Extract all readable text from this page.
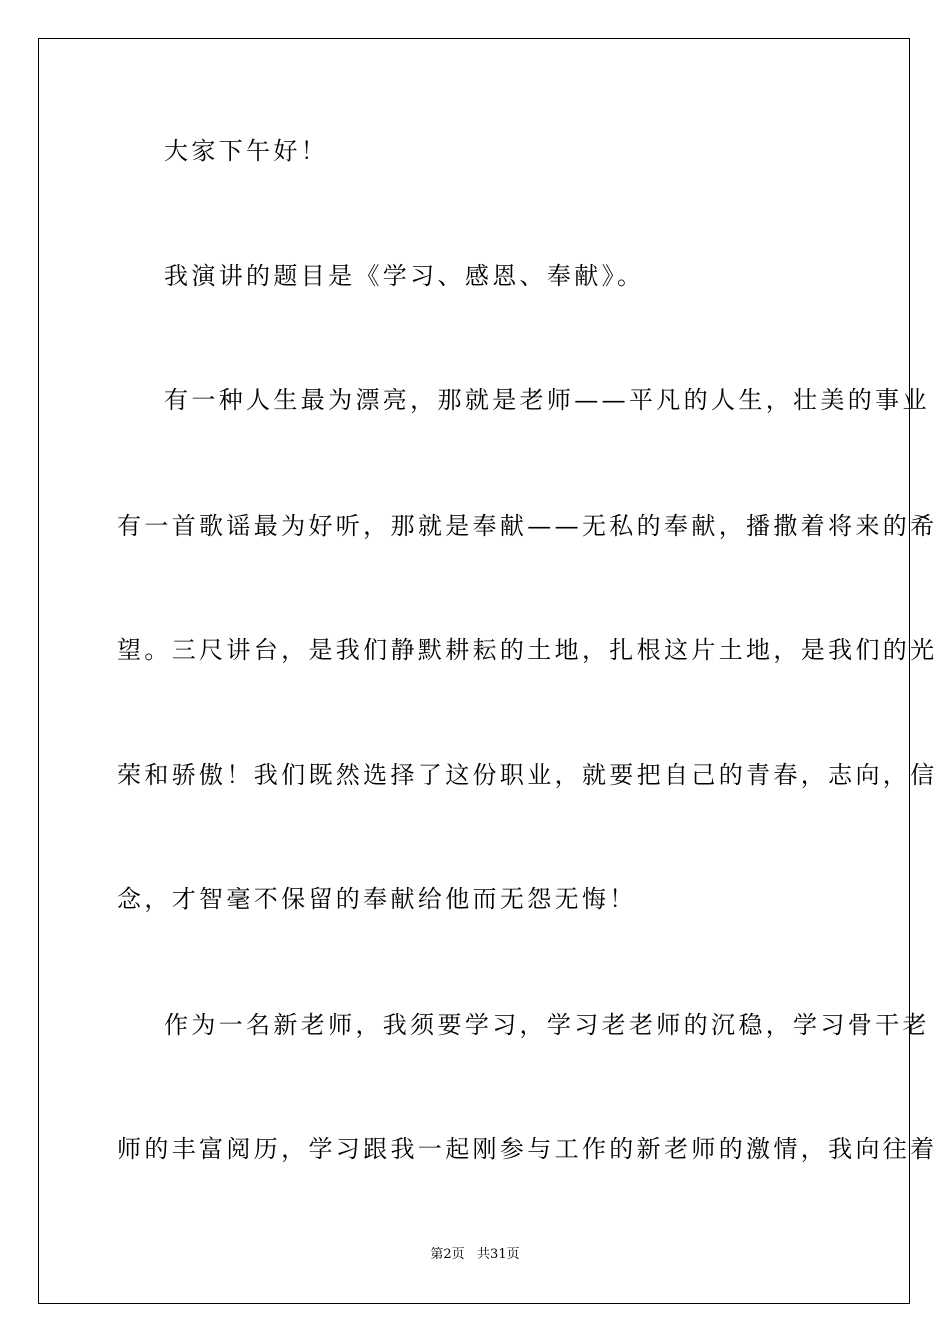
大家下午好！
我演讲的题目是《学习、感恩、奉献》。
有一种人生最为漂亮，那就是老师——平凡的人生，壮美的事业
有一首歌谣最为好听，那就是奉献——无私的奉献，播撒着将来的希
望。三尺讲台，是我们静默耕耘的土地，扎根这片土地，是我们的光
荣和骄傲！我们既然选择了这份职业，就要把自己的青春，志向，信
念，才智毫不保留的奉献给他而无怨无悔！
作为一名新老师，我须要学习，学习老老师的沉稳，学习骨干老
师的丰富阅历，学习跟我一起刚参与工作的新老师的激情，我向往着
第2页   共31页
